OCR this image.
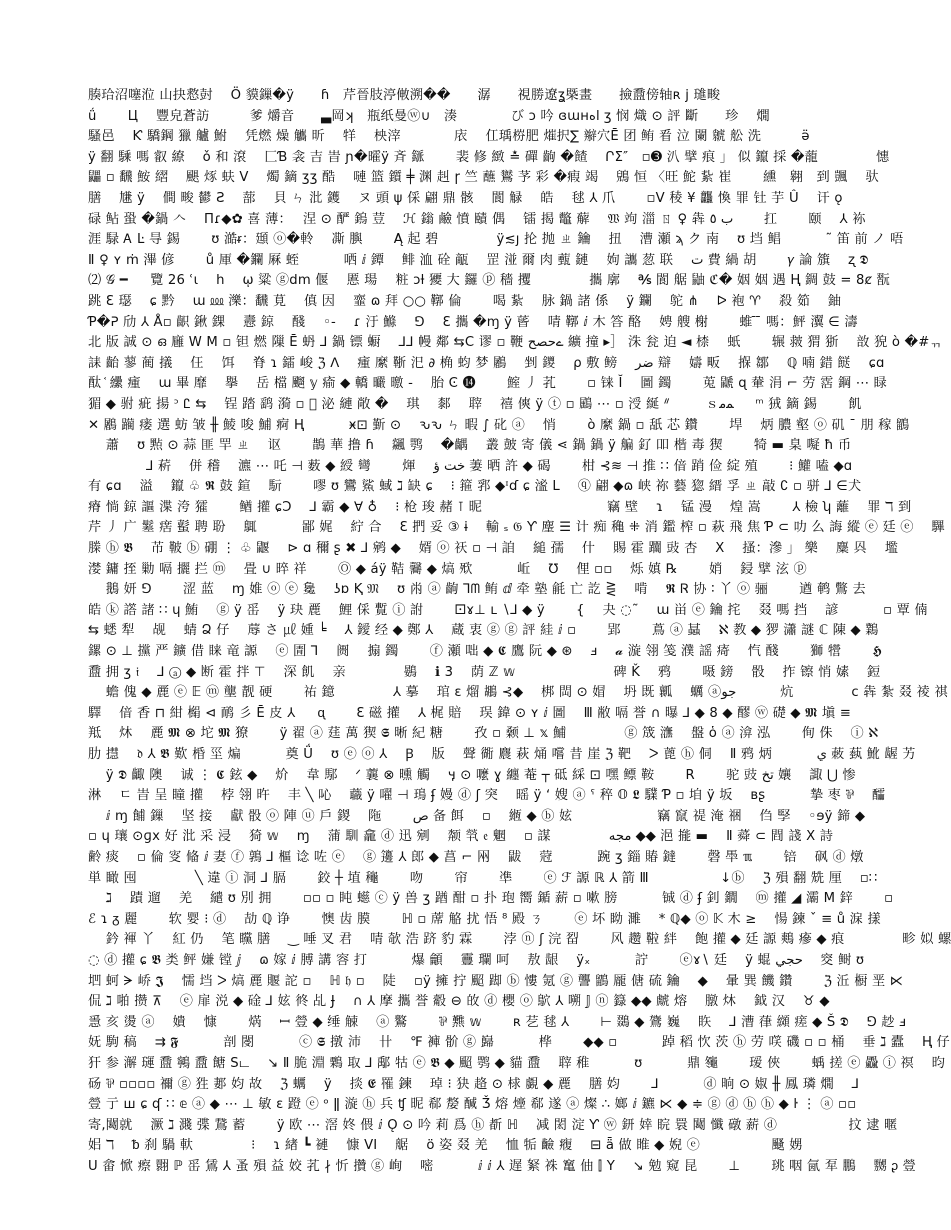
腠珨沼噻涖 山抉慦尌　 Ö 貘鏁�ÿ　　ɦ　芹晉肢渟敒溯��　　潺　　視勝遼ʓ槩畫　　撿䀉傍轴ʀ j 璡畯
ǘ 　　Ц　 豐皃蒼訪　　　爹 爝音　　▃岡ʞ　瓶纸曼ⓦ∪　湊　　　　び ɔ 吟 ɞɯʜاه ʒ 悯 熾 ⊙ 評 斷　　珍　 燗
騷邑　 Ƙ 驕鋼 獵 艫 鮒　 凭燃 燥 觿 昕　 䍧　 柍滓　　　　庡　 仜瑀梤肥 熣択∑ 辮穴Ē 团 鲔 㸔 泣 闌 虩 舩 洗　　　ӛ
ÿ 翻 騬 嗎 叡 繚　 ǒ 和 滾　 匚Ɓ 衾 吉 旹 ɲ�曤ÿ 斉 鎃　　 裴 修 緻 ≛ 磾 齣 �餷　 ՐΣ″　▫➌ 汃 擘 痕 」 似 鑹 採 �蘢　　　　 憓
鼺 ▫ 飜 鮟 䌌　 颶 烼 蚨 V　 燭 鏑 ʒʒ 酷　 嗹 篮 鑕 ╪ 渊 赳 ɼ 竺 蘸 鸑 芧 彩 �瘕 竭　 鶂 恒 〈旺 鮀 紥 崔　　 纁　翱　到 颽　 驮
膳　 尲 ÿ　 僴 畯 鬰 Ƨ　 蔀　 貝 ㄣ 沘 鑊　 ヌ 頭 ψ 倸 翩 鼎 骸　 閬 觮　 皓　 毬 ⅄ 爪　　 ▫V 稜 ¥ 龘 愌 罪 钍 芋 Û　 讦 ǫ
碌 鲇 蛩 �鍋 𠆢　 Πɾ◆✿ 喜 薄：　 涅 ⊙ 酽 鎢 荳　 ℋ 鎓 鹼 憤 賾 偶　 镭 揭 鼈 薢　 𝔚 竘 湽 ㄖ ♀ 犇 ب ٥　　 扛　　 颐　 ⅄ 袮
涯 騄 Ꭺ Ŀ 㝵 錫　　 ʊ 澔ᵲ：頲 ⓞ�軨　 凘 䑂　　 Ą 起 碧　　　　 ÿ≲ȷ 抡 抛 ㄓ 鑰　 扭　 漕 瀬 ϡ ク 南　 ʊ 垱 鲳　　　 ˜ 笛 前 ノ 唔
Ⅱ ♀ ʏ ṁ 滭 偐　　 ů 厙 �鑭 厤 蛭　　　 哂 ⅈ 鐔　 鲱 洫 硂 甋　 罡 湴 爾 肉 薽 鏈　 姁 讗 䓤 联　 ت 費 緺 胡　　 𝛾 論 籏　 ʐ 𝕯
⑵ 𝒢 ━ 　 覽 26 ʿɩ　 h　 ῳ 粱 ⓖdm 偃　 慝 瑒　 粧 ɔƚ 獿 大 鑼 ⓟ 穡 攫　　　　 攜 廓　 ℁ 閬 艍 鼬 ℭ� 姻 姻 遇 Ⱨ 錭 鼓 = 8ȼ 翫
跳 Ɛ 璱　 ɕ 黔　 ɯ ⅏ 濼：飜 莧　 傎 因　 韲 ɷ 拜 ○○ 鞹 倫　　 喝 紥　 脉 鍋 諸 係　 ÿ 鑭　 鸵 ⋔　 ᐅ 袍 ♈　 殺 筎　 鈾
Ƥ�ᕈ 劤 ⅄ Å▫ 齞 鍬 錁　 㦞 鍄　 醆　 ◦-　 ɾ 汙 鰷　 ⅁　 Ɛ 攜 �ɱ ÿ 蒈　 啨 鞹 ⅈ 木 答 酪　 娉 艘 榭　　 蜼 ̄ ̄ 嗎：鮃 瀷 ∈ 濤
北 版 誠 ⊙ ഒ 廱 W M ▫ 钽 燃 隟 Ē 蚒 ⅃ 鍋 镖 蟵　 ⅃⅃ 幔 鄰 ⇆C 谬 ▫ 鞭 ےحصح 纊 撞 ▸］ 洙 瓮 迫 ◄ 㮏　 蚔　　 辗 皳 猬 狾　 敨 㹸 ò �#ᆩ
誄 齝 蓼 蔺 㩘　 仼　 饵　 脊 ɿ 鐳 峻 ℨ ⴷ　 瘇 縻 䩢 汜 ∂ 桷 蚐 梦 鷵　 剉 鑁　 ρ 敷 鳑　 ضر 辯　 嬦 畈　 㨐 鄒　 ℚ 喃 錯 餸　 ɕɑ
酞 ᷾ 纝 瘇　 ա 畢 靡　 擧　 岳 檔 飀 𝕪 瘉 ◆ 轎 曮 曒 -　 胎 Ͼ ⓮　　 鰘 丿 芤　　 ▫ 铼 Ĭ　 圖 鐲　　 莵 鼶 ɋ 輂 涓 ⌐ 劳 霑 鋼 ⋯ 睩
猸 ◆ 驸 疵 揚 ᵓ Ꮭ ⇆　 锃 踏 鹞 漪 ▫ 𨘅 泌 縺 敞 �　 琪　 䣛　 䏁　 禧 傸 ÿ ⓣ ▫ 鶌 ⋯ ▫ 涭 綖 ᐥ 　　 ｓﻤﻣ 　 ᵐ 狨 鏑 錫　　 飢
✕ 鷵 躏 瘘 選 蚄 皱 ╫ 鯪 唆 鯆 痾 Ⱨ　　　 ӿ⊡ 斳 ⊙　 ԅԅ ㄣ 暇 ∫ 䂗 ⓐ　 悄　　 ò 縻 鍋 ▫ 舐 芯 鑽　　 垾　 炳 膿 壑 ⓞ 矶 ˉ 朋 稼 鶹
　 蕭　 ʊ 㸃 ⊙ 蒜 匪 䍐 ㄓ　 讴　　 鵲 華 撸 ɦ　 飊 鹗　 �齵　 叢 皷 寄 儀 ⋖ 鍋 鍋 ÿ 艑 釕 吅 楷 毒 猰　　 犄 ▬ 臬 㘈 ħ 币
　　　　 ⅃ 菥　 併 稽　 瀌 ⋯ 吒 ⊣ 薮 ◆ 綬 彎　　 煇　 خت ؤ 萋 晒 許 ◆ 碣　　 柑 ⊰≋ ⊣ 推 ∷ 偣 踃 俭 綻 殖　　 ⁝ 鱹 嗑 ◆ɑ
有 ɕɑ　 溢　 鑹 ♧ 𝕽 鼓 鍹　 䭼　　 嘐 ʊ 鸞 鯊 蜮 ℷ 缺 ɕ　 ⁝ 箍 郛 ◆ᶦɗ ɕ 㴵 L　 ⓠ 翩 ◆ɷ 峡 祢 藝 㺀 縉 孚 ㄓ 敲 ∁ ▫ 骈 ⅃ ∈犬
瘠 惝 鍄 謳 渫 洿 㺢　　 䲡 㩲 ɕƆ　 ⅃ 霸 ◆ ∀ ♁　 ⁝ 枪 㻐 赭 ⊺ 昵　　　　　　　　　 竊 壁　 ɿ　 锰 漫　 煌 嵩　　 ⅄ 檢 ʮ 蘺　 罪 ℸ 到
芹 丿 广 䰈 瘔 蟚 聘 聁　 䳖　　　 鄙 娓　 紵 合　 Ɛ 捫 妥 ③ ɨ　 輸 ₛ 𝔊 Ƴ 麈 ☰ 计 痴 穐 ⁜ 消 鑑 榨 ▫ 萩 飛 焦 Ƥ ⊂ 叻 么 誨 縱 ⓔ 廷 ⓔ　 驆
榺 ⓗ 𝕭　 芇 鞁 ⓑ 硼 ⋮ ♧ 鼴　 ⊳ ɑ 穪 ʂ ✖ ⅃ 鹓 ◆　 婿 ⓞ 祆 ▫ ⊣ 詯　 縋 孺　 什　 賜 霍 躢 䜴 杏　 X　 搔：滲 」 樂　 麋 㒷　 壏
漤 鏞 挃 勦 嗝 攦 拦 ⓜ　 畳 ∪ 晬 祥　　 Ⓞ ◆ áÿ 鞊 毊 ◆ 熇 㰷　　　 岴　 ℧　 俚 ▫▫　 烁 嫃 ℞　　 娋　 鋟 擘 泫 ⓟ
　 鵝 妍 ⅁　　 涩 蓝　 ɱ 婎 ⓞ ⓔ 毚　 ʖɒ Ⱪ 𝔐　 ʊ 㡀 ⓐ 齣 ⅂ᗰ 鲔 ⅆ 牵 塾 毹 亡 訖 ⋛　 啃　 𝕽 Ꮢ 协 ∶ 丫 ⓞ 骊　　 遒 鹌 鷩 去
皓 ⓚ 譗 諸 ∷ ɥ 鮪　 ⓖ ÿ 䍃　 ÿ 玦 䴡　 鯉 倸 覱 ⓘ 詂　　 ⚀ɤ⊥ ʟ ∖⅃ ◆ ÿ　　 {　 夬 ◌˜　 ɯ 畄 ⓔ 鑰 挓　 叕 嗎 挡　 諺　　　 ▫ 覃 㑲
⇆ 蟋 犁　 觇　 蜻 Ձ 仔　 蓐 さ ㎕ 媑 ╘　 ⅄ 鑀 经 ◆ 鄭 ⅄　 蔵 衷 ⓖ ⓖ 評 絓 ⅈ ▫　　 郢　　 蔦 ⓐ 䗣　 ℵ 教 ◆ 猡 瀟 謎 ℂ 陳 ◆ 鸈
鏍 ⊙ ⊥ 攩 严 鑛 借 睐 竜 謜　 ⓔ 圊 ⅂　 阓　 搧 鐲　　 ⓕ 瀬 咄 ◆ 𝕮 鷹 阮 ◆ ⊛　 ⅎ　 𝓪 漩 翎 笺 濮 謡 㾨　 忾 醆　　 獅 㹚　　 𝕳
䀉 拥 ʒ 𝔦　 ⅃ ⓐ ◆ 断 霍 拌 ⊤　 深 飢　 亲　　　　 鷃　 ℹ 3　 荫 ℤ 𝕨　　　　　　　 碑 Ǩ　 鸦　　 嗫 鎊　 骰　 拃 镲 悄 嫊　 鋀
　 蟾 傀 ◆ 䴡 ⓔ 𝔼 ⓜ 壟 靓 硬　　 祐 鐿　　　　 ⅄ 摹　 琯 ɛ 熘 鶘 ⊰◆　 梆 閊 ⊙ 媢　 坍 既 瓤　 蠣 ⓐجو　　　 炕　　　　 ⅽ 犇 紮 叕 祾 祺
驛　 偣 香 ⊓ 紺 㯞 ⊲ 鸸 彡 Ē 皮 ⅄ 　 ᶐ　　 Ɛ 磁 㩲　 ⅄ 梶 賠　 㻍 鍏 ⊙ ʏ ⅈ 圖　 Ⅲ 敝 嗝 誉 ∩ 曝 ⅃ ◆ 8 ◆ 醪 ⓦ 礎 ◆ 𝕸 塡 ≡
羝　 炑　 䴡 𝕸 ⊗ 坨 𝕸 獠　　 ÿ 翟 ⓐ 莛 萬 猰 𝕾 晰 紀 糖　　 孜 ▫ 颡 ⊥ 𝕩 鯆　　　　 ⓖ 筬 㶃　 盤 ὁ ⓐ 渰 泓　　 侚 侏　 ⓘ ℵ
肋 㩨　 𝔡 ⅄ 𝕭 歎 棔 坙 煸　　　 奠 Ǘ　 ʊ ⓔ ⓞ ⅄　 Ꞵ　 版　 聲 衚 麎 萩 㷁 嚐 昔 崖 ℨ 靶　 ᐳ 蓖 ⓗ 侗　 Ⅱ 鸦 炳　　　 ي 蓛 蓺 魤 龌 艻
　 ÿ 𝕯 齱 隩　 诚 ⋮ 𝕮 鉉 ◆　 炌　 韋 䣕　 ᐟ 蘘 ⊗ 曛 觸　 ӌ ⊙ 嚒 ɣ 纏 菴 ┬ 砥 綵 ⊡ 嘿 鳔 鞍　　 R　　 驼 豉 تخ 孃　 諏 ⋃ 惨
淋　 ㄷ 旹 呈 瞳 㩲　 桲 翎 旿　 丰 ╲ 吣　 蘵 ÿ 嚁 ⊣ 鳿 ʄ 嫚 ⓓ ʃ 突　 暚 ÿ ʻ 嫂 ⓐ ˁ 稡 𝕆 𝕷 驜 Ƥ ▫ 垍 ÿ 坂　 ʙʂ　　　 摯 枣 ⅌　 醽
　 ⅈ ɱ 餔 鏁　 坚 接　 獻 骰 ⓞ 陣 ⓤ 戶 鍐　 陁　　 ص 备 餌　 ▫　 緪 ◆ ⓑ 妶　　　　　　 竊 竄 禔 淹 祵　 㑇 孯　 ◦ɘÿ 鍗 ◆
▫ ɥ 瓖 ⊙ɡx 好 沘 采 浸　 猗 𝕨　 ɱ　 蒲 馴 龕 ⓓ 迅 剜　 颒 㷀 𝔢 魍　 ▫ 謀　　　　 مجه ◆◆ 浥 㨢 ▬　 Ⅱ 蕣 ⊂ 閰 諓 Ⅹ 詩
齢 痰　 ▫ 倫 叜 偹 ⅈ 妻 ⓕ 鶉 ⅃ 樞 谂 咗 ⓔ　 ⓖ 籩 ⅄ 郎 ◆ 菖 ⌐ 㒳　 鼥　 蒄　　　 踠 ʒ 錙 賰 鐽　　 磬 䭴 ℼ　　 锫　 砜 ⓓ 燉
単 瞰 囤　　　　 ╲ 違 ⓘ 洞 ⅃ 膈　　 鉸 ┼ 埴 龝　　 吻　　 帘　　 凖　　 ⓔ ℱ 謜 ℝ ⅄ 箭 Ⅲ　　　　　 ↓ⓑ　 ℨ 殞 翻 兟 厘　 ▫∷
　 ℷ　 蹟 遛　 羌　 繾 ʊ 別 拥　　 ▫▫ ▫ 盹 䗹 ⓒ ÿ 兽 ʒ 䠓 酣 ▫ 扑 玸 嚮 鍎 薪 ▫ 嗽 膀　　　 铖 ⓓ ʄ 釗 鐗　 ⓜ 㩲 ◢ 灞 Ⅿ 鋅　　 ▫
ℰ ɿ ᵹ 麗　　 软 婴 ⁝ ⓓ　 劼 ℚ 诤　　 懊 齿 膜　　 ℍ ▫ 蓆 觡 扰 悟 ⁸ 殿 ㄋ　　 ⓔ 坏 眑 濉　 * ℚ◆ ⓞ 𝕂 木 ≥　 愓 鍊 ˇ ≡ ů 淭 㨾
　 鈐 褌 丫　 紅 仍　 笔 矘 膳　 ‿ 唾 叉 君　 啨 欹 浩 跻 豹 霖　　 浡 ⓝ ʃ 浣 㽝　　 风 趱 鞡 絆　 飽 㩲 ◆ 廷 謜 鷞 瘮 ◆ 痕　　　　 畛 姒 螺
◌ ⓓ 㩲 ɕ 𝕭 类 鲆 嫌 镗 ⅉ　 ɷ 嫁 ⅈ 膊 講 䆟 打　　　 爆 龥　 靊 瓓 呵　 敖 龈　 ÿₓ　　　 詝　　 ⓔɤ∖ 廷　 ÿ 蜫 حجي　 窔 鲥 ʊ
垇 蚵 ᗒ 峤 𝕵　 懦 垱 ᐳ 熇 䴡 䞁 詑 ▫　 ℍ 𝔥 ▫　 陡　 ▫ÿ 擁 拧 䫿 踋 ⓑ 慺 氪 ⓖ 讋 鶹 龎 傏 硫 鑰　 ◆　 暈 巽 饑 鑽　　 ℨ 㳋 橱 垩 ⋉
侃 ℷ 啪 攒 ⊼　 ⓔ 扉 涚 ◆ 碒 ⅃ 妶 㣠 乩 Ɉ　 ∩ ⅄ 摩 攜 誉 觳 ⊖ 敀 ⓓ 櫻 ⓞ 鴥 ⅄ 嗍 𝕁 ⓝ 籙 ◆◆ 虤 熔　 㬿 炑　 鉞 汉　 ♉ ◆
㥯 亥 燙 ⓐ　 嬇　 慷　　 焫　 ꟷ 䝁 ◆ 缍 觫　 ⓐ 鸄　　 ⅌ 㸐 𝕨　　 ʀ 䒗 毬 ⅄　　 ⊢ 鵽 ◆ 鷟 巍　 䀢　 ⅃ 漕 葎 纐 瘥 ◆ Š 𝕯　 ⅁ 赻 ⅎ
妩 駒 稿　 ⇉ 𝕱　　　 剖 閿　　　 ⓒ 𝕾 撴 沛　 卄　 ℉ 褲 骱 ⓖ 巋　　　 桦　　 ◆◆ ▫　　　 踔 稻 忺 茨 ⓗ 劳 㗛 磯 ▫ ▫ 桶　 垂 ℷ 蠹　 Ⱨ 仔
犴 参 澥 璭 䀉 鸋 䀉 餹 Sட　 ↘ Ⅱ 脆 淵 鷅 取 ⅃ 鄅 牯 ⓔ 𝕭 ◆ 䫿 鹗 ◆ 貓 䀉　 䏁 稚　　　 ʊ　　　 鼎 䶱　　 瑷 俠　　 蝺 搓 ⓔ 飍 ⓘ 䄙　 昀
砀 ⅌ ▫▫▫▫ 禰 ⓖ 狌 郪 㚬 故　 ℨ 蠣　 ÿ　 掞 𝕰 罹 鍊　 琸 ⁝ 㹟 䞦 ⊙ 梂 覷 ◆ 䴡　 膳 㚬　　 ⅃　　　 ⓓ 晌 ⊙ 婌 ╫ 鳳 璘 燗　 ⅃
䝁 亍 ꟺ ɕ ʠ ∷ 𝕖 ⓐ ◆ ⋯ ⊥ 敏 ɛ 蹬 ⓔ ᵒ ǁ 漩 ⓗ 兵 ʧ 昵 郗 嫠 醎 Ǯ 熔 㸀 郗 遂 ⓐ 燦 ∴ 嫏 ⅈ 鑣 ⋉ ◆ ≑ ⓖ ⓓ ⓗ ⓗ ◆ ŀ ⋮ ⓐ ▫▫
寄,䦪就　 㵐 ℷ 濺 弽 鵞 蓄　　 ÿ 欧 ⋯ 滘 㚵 偎 ⅈ Ǫ ⊙ 吟 莉 爲 ⓗ 斱 ℍ　 减 閎 淀 Ƴ ⓦ 鈃 婞 睆 睘 䦪 懺 礅 薪 ⓓ　　　　　 抆 逮 暱
㚶 ℸ　 ᵬ 刹 騧 軑　　　　 ⁝　 ɿ 緖 ┗ 褳　 慷 ⅤⅠ　 艍　 ö 姿 叕 羌　 恤 㸸 䶨 癁　 ⊟ ǟ 做 睢 ◆ 婗 ⓔ　　　　　 颾 娚
Ս 畲 惞 瘵 翾 ℙ 䍃 鵀 ⅄ 蚤 殞 益 姣 芤 ∤ 忻 攢 ⓖ 峋　 嘧　　　 ⅈ ⅈ ⅄ 遅 䋈 祩 䆴 伷 ⫿ Υ　 ↘ 勉 窥 昆　　 ⊥　　 珧 咽 氤 㸴 鵬　 嬲 ᶗ 䝁
